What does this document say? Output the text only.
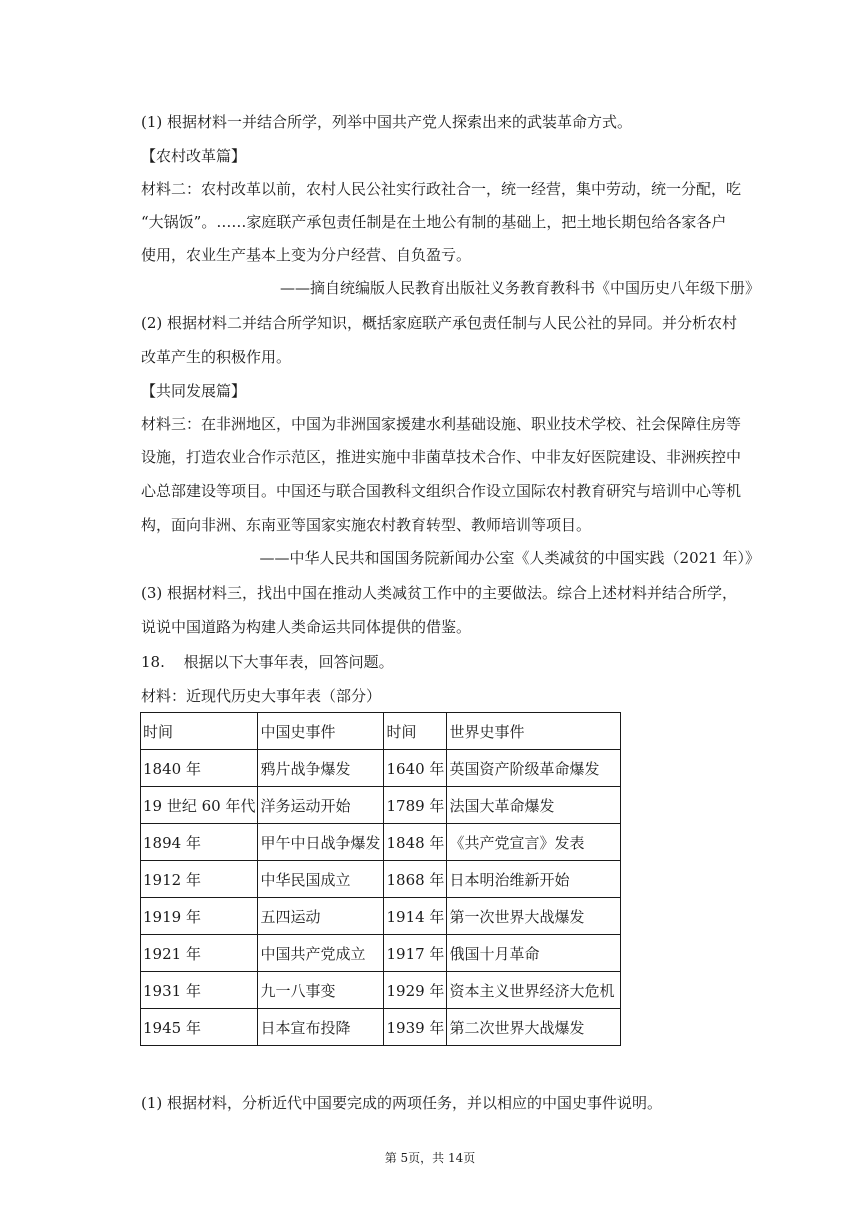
(1) 根据材料一并结合所学，列举中国共产党人探索出来的武装革命方式。
【农村改革篇】
材料二：农村改革以前，农村人民公社实行政社合一，统一经营，集中劳动，统一分配，吃
“大锅饭”。……家庭联产承包责任制是在土地公有制的基础上，把土地长期包给各家各户
使用，农业生产基本上变为分户经营、自负盈亏。
——摘自统编版人民教育出版社义务教育教科书《中国历史八年级下册》
(2) 根据材料二并结合所学知识，概括家庭联产承包责任制与人民公社的异同。并分析农村
改革产生的积极作用。
【共同发展篇】
材料三：在非洲地区，中国为非洲国家援建水利基础设施、职业技术学校、社会保障住房等
设施，打造农业合作示范区，推进实施中非菌草技术合作、中非友好医院建设、非洲疾控中
心总部建设等项目。中国还与联合国教科文组织合作设立国际农村教育研究与培训中心等机
构，面向非洲、东南亚等国家实施农村教育转型、教师培训等项目。
——中华人民共和国国务院新闻办公室《人类减贫的中国实践（2021 年）》
(3) 根据材料三，找出中国在推动人类减贫工作中的主要做法。综合上述材料并结合所学，
说说中国道路为构建人类命运共同体提供的借鉴。
18. 根据以下大事年表，回答问题。
材料：近现代历史大事年表（部分）
时间	中国史事件	时间	世界史事件
1840 年	鸦片战争爆发	1640 年	英国资产阶级革命爆发
19 世纪 60 年代	洋务运动开始	1789 年	法国大革命爆发
1894 年	甲午中日战争爆发	1848 年	《共产党宣言》发表
1912 年	中华民国成立	1868 年	日本明治维新开始
1919 年	五四运动	1914 年	第一次世界大战爆发
1921 年	中国共产党成立	1917 年	俄国十月革命
1931 年	九一八事变	1929 年	资本主义世界经济大危机
1945 年	日本宣布投降	1939 年	第二次世界大战爆发
(1) 根据材料，分析近代中国要完成的两项任务，并以相应的中国史事件说明。
第 5页，共 14页
